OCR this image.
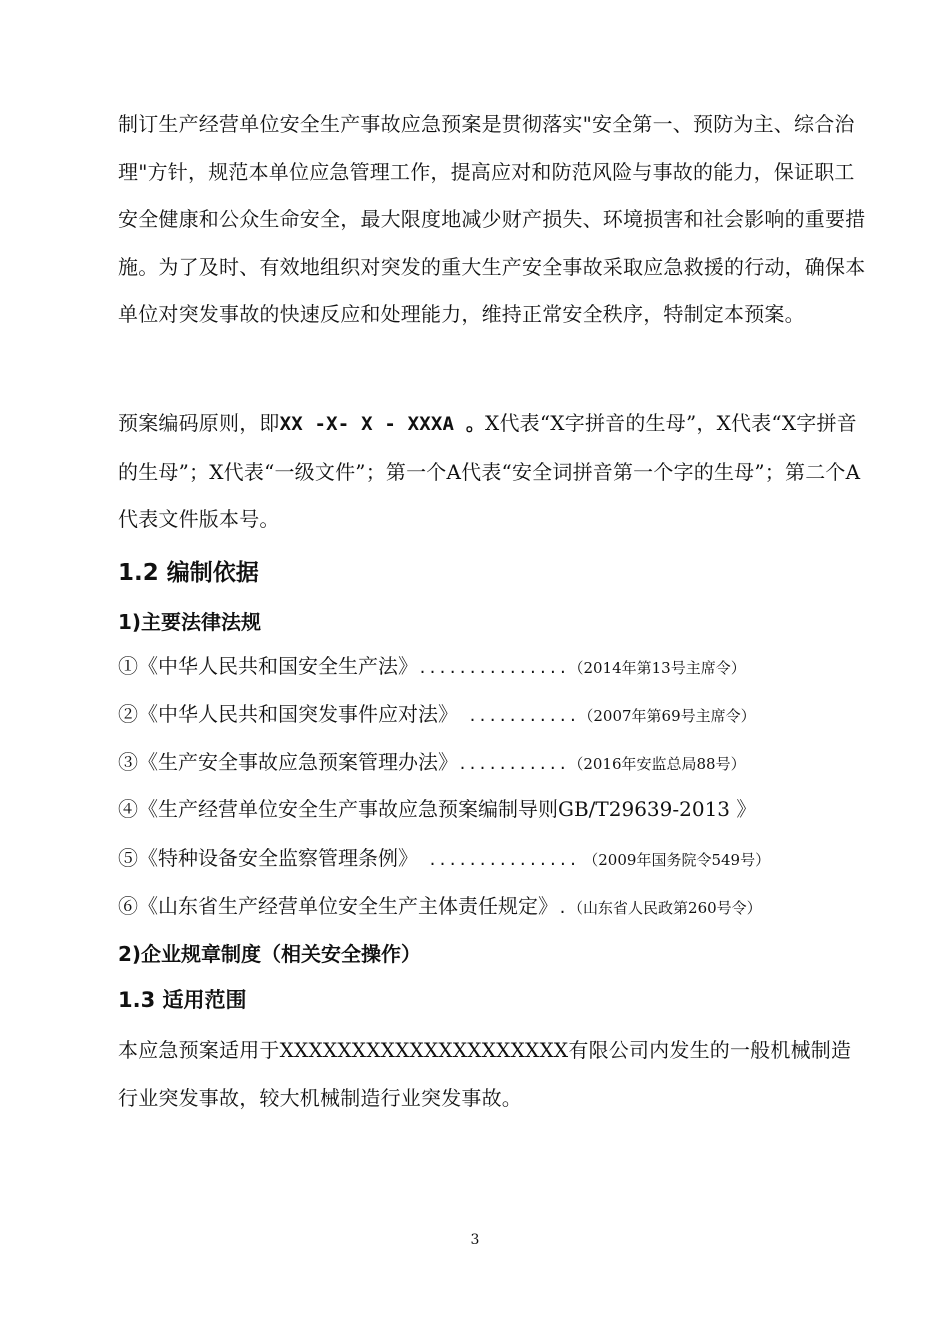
制订生产经营单位安全生产事故应急预案是贯彻落实"安全第一、预防为主、综合治理"方针，规范本单位应急管理工作，提高应对和防范风险与事故的能力，保证职工安全健康和公众生命安全，最大限度地减少财产损失、环境损害和社会影响的重要措施。为了及时、有效地组织对突发的重大生产安全事故采取应急救援的行动，确保本单位对突发事故的快速反应和处理能力，维持正常安全秩序，特制定本预案。

预案编码原则，即XX -X- X - XXXA 。X代表“X字拼音的生母”，X代表“X字拼音的生母”；X代表“一级文件”；第一个A代表“安全词拼音第一个字的生母”；第二个A代表文件版本号。

1.2 编制依据

1)主要法律法规

①《中华人民共和国安全生产法》...............（2014年第13号主席令）

②《中华人民共和国突发事件应对法》 ...........（2007年第69号主席令）

③《生产安全事故应急预案管理办法》...........（2016年安监总局88号）

④《生产经营单位安全生产事故应急预案编制导则GB/T29639-2013 》

⑤《特种设备安全监察管理条例》 ............... （2009年国务院令549号）

⑥《山东省生产经营单位安全生产主体责任规定》.（山东省人民政第260号令）

2)企业规章制度（相关安全操作）

1.3 适用范围

本应急预案适用于XXXXXXXXXXXXXXXXXXXX有限公司内发生的一般机械制造行业突发事故，较大机械制造行业突发事故。

3
